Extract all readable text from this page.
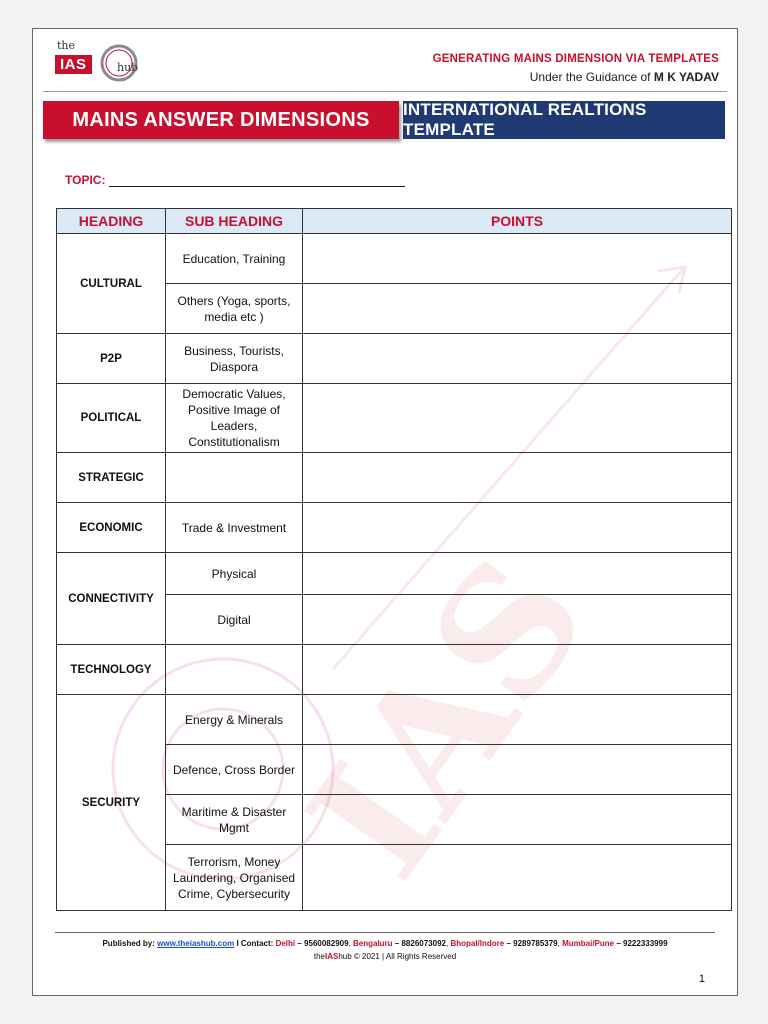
IAS
the
IAS	hub
GENERATING MAINS DIMENSION VIA TEMPLATES
Under the Guidance of M K YADAV
MAINS ANSWER DIMENSIONS	INTERNATIONAL REALTIONS TEMPLATE
TOPIC:
HEADING	SUB HEADING	POINTS
CULTURAL	Education, Training	
	Others (Yoga, sports, media etc )	
P2P	Business, Tourists, Diaspora	
POLITICAL	Democratic Values, Positive Image of Leaders, Constitutionalism	
STRATEGIC		
ECONOMIC	Trade & Investment	
CONNECTIVITY	Physical	
	Digital	
TECHNOLOGY		
SECURITY	Energy & Minerals	
	Defence, Cross Border	
	Maritime & Disaster Mgmt	
	Terrorism, Money Laundering, Organised Crime, Cybersecurity	
Published by: www.theiashub.com I Contact: Delhi – 9560082909, Bengaluru – 8826073092, Bhopal/Indore – 9289785379, Mumbai/Pune – 9222333999
theIAShub © 2021 | All Rights Reserved
1
